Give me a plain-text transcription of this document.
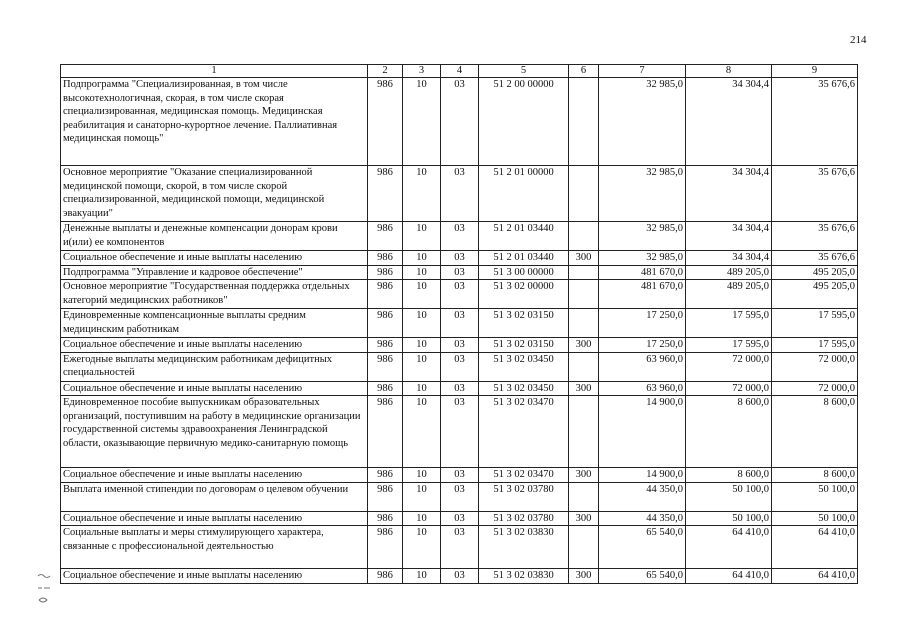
214
1	2	3	4	5	6	7	8	9
Подпрограмма "Специализированная, в том числе высокотехнологичная, скорая, в том числе скорая специализированная, медицинская помощь. Медицинская реабилитация и санаторно-курортное лечение. Паллиативная медицинская помощь"	986	10	03	51 2 00 00000		32 985,0	34 304,4	35 676,6
Основное мероприятие "Оказание специализированной медицинской помощи, скорой, в том числе скорой специализированной, медицинской помощи, медицинской эвакуации"	986	10	03	51 2 01 00000		32 985,0	34 304,4	35 676,6
Денежные выплаты и денежные компенсации донорам крови и(или) ее компонентов	986	10	03	51 2 01 03440		32 985,0	34 304,4	35 676,6
Социальное обеспечение и иные выплаты населению	986	10	03	51 2 01 03440	300	32 985,0	34 304,4	35 676,6
Подпрограмма "Управление и кадровое обеспечение"	986	10	03	51 3 00 00000		481 670,0	489 205,0	495 205,0
Основное мероприятие "Государственная поддержка отдельных категорий медицинских работников"	986	10	03	51 3 02 00000		481 670,0	489 205,0	495 205,0
Единовременные компенсационные выплаты средним медицинским работникам	986	10	03	51 3 02 03150		17 250,0	17 595,0	17 595,0
Социальное обеспечение и иные выплаты населению	986	10	03	51 3 02 03150	300	17 250,0	17 595,0	17 595,0
Ежегодные выплаты медицинским работникам дефицитных специальностей	986	10	03	51 3 02 03450		63 960,0	72 000,0	72 000,0
Социальное обеспечение и иные выплаты населению	986	10	03	51 3 02 03450	300	63 960,0	72 000,0	72 000,0
Единовременное пособие выпускникам образовательных организаций, поступившим на работу в медицинские организации государственной системы здравоохранения Ленинградской области, оказывающие первичную медико-санитарную помощь	986	10	03	51 3 02 03470		14 900,0	8 600,0	8 600,0
Социальное обеспечение и иные выплаты населению	986	10	03	51 3 02 03470	300	14 900,0	8 600,0	8 600,0
Выплата именной стипендии по договорам о целевом обучении	986	10	03	51 3 02 03780		44 350,0	50 100,0	50 100,0
Социальное обеспечение и иные выплаты населению	986	10	03	51 3 02 03780	300	44 350,0	50 100,0	50 100,0
Социальные выплаты и меры стимулирующего характера, связанные с профессиональной деятельностью	986	10	03	51 3 02 03830		65 540,0	64 410,0	64 410,0
Социальное обеспечение и иные выплаты населению	986	10	03	51 3 02 03830	300	65 540,0	64 410,0	64 410,0
